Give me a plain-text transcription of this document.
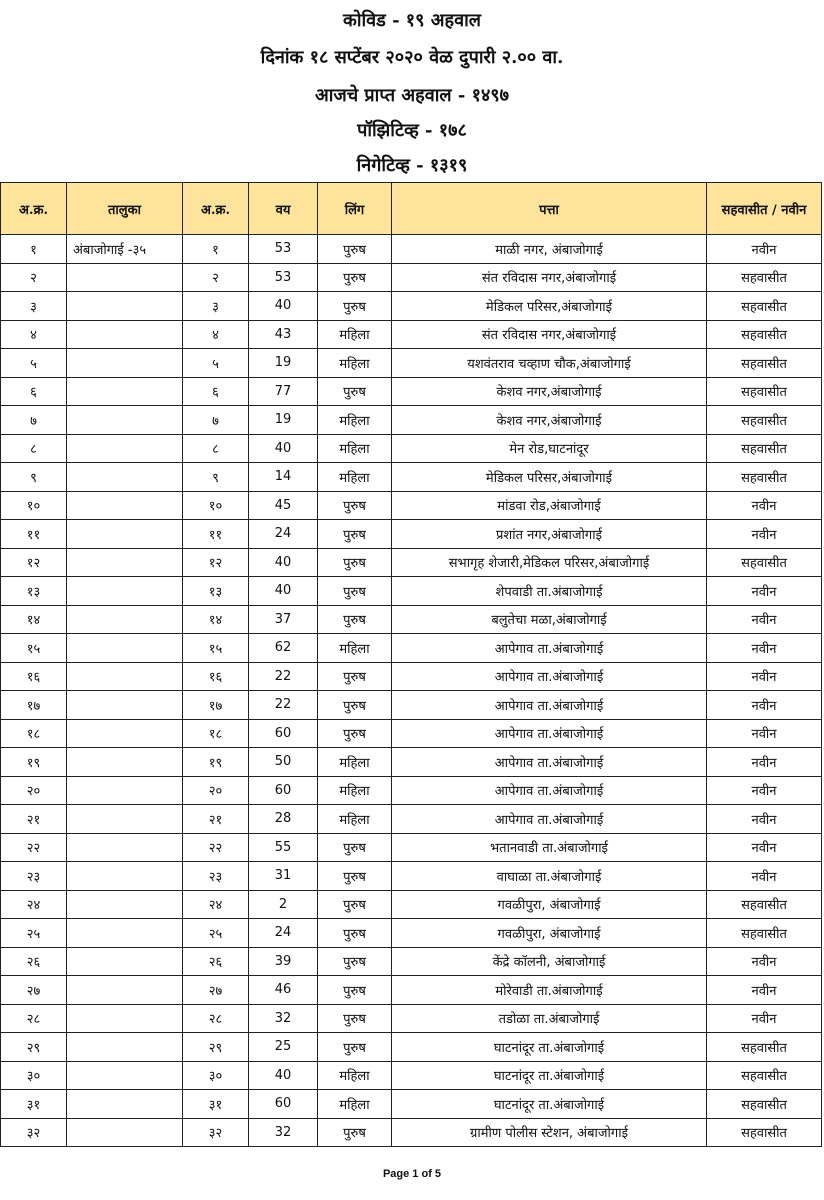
कोविड - १९ अहवाल
दिनांक १८ सप्टेंबर २०२० वेळ दुपारी २.०० वा.
आजचे प्राप्त अहवाल - १४९७
पॉझिटिव्ह - १७८
निगेटिव्ह - १३१९
अ.क्र.	तालुका	अ.क्र.	वय	लिंग	पत्ता	सहवासीत / नवीन
१	अंबाजोगाई -३५	१	53	पुरुष	माळी नगर, अंबाजोगाई	नवीन
२		२	53	पुरुष	संत रविदास नगर,अंबाजोगाई	सहवासीत
३		३	40	पुरुष	मेडिकल परिसर,अंबाजोगाई	सहवासीत
४		४	43	महिला	संत रविदास नगर,अंबाजोगाई	सहवासीत
५		५	19	महिला	यशवंतराव चव्हाण चौक,अंबाजोगाई	सहवासीत
६		६	77	पुरुष	केशव नगर,अंबाजोगाई	सहवासीत
७		७	19	महिला	केशव नगर,अंबाजोगाई	सहवासीत
८		८	40	महिला	मेन रोड,घाटनांदूर	सहवासीत
९		९	14	महिला	मेडिकल परिसर,अंबाजोगाई	सहवासीत
१०		१०	45	पुरुष	मांडवा रोड,अंबाजोगाई	नवीन
११		११	24	पुरुष	प्रशांत नगर,अंबाजोगाई	नवीन
१२		१२	40	पुरुष	सभागृह शेजारी,मेडिकल परिसर,अंबाजोगाई	सहवासीत
१३		१३	40	पुरुष	शेपवाडी ता.अंबाजोगाई	नवीन
१४		१४	37	पुरुष	बलुतेचा मळा,अंबाजोगाई	नवीन
१५		१५	62	महिला	आपेगाव ता.अंबाजोगाई	नवीन
१६		१६	22	पुरुष	आपेगाव ता.अंबाजोगाई	नवीन
१७		१७	22	पुरुष	आपेगाव ता.अंबाजोगाई	नवीन
१८		१८	60	पुरुष	आपेगाव ता.अंबाजोगाई	नवीन
१९		१९	50	महिला	आपेगाव ता.अंबाजोगाई	नवीन
२०		२०	60	महिला	आपेगाव ता.अंबाजोगाई	नवीन
२१		२१	28	महिला	आपेगाव ता.अंबाजोगाई	नवीन
२२		२२	55	पुरुष	भतानवाडी ता.अंबाजोगाई	नवीन
२३		२३	31	पुरुष	वाघाळा ता.अंबाजोगाई	नवीन
२४		२४	2	पुरुष	गवळीपुरा, अंबाजोगाई	सहवासीत
२५		२५	24	पुरुष	गवळीपुरा, अंबाजोगाई	सहवासीत
२६		२६	39	पुरुष	केंद्रे कॉलनी, अंबाजोगाई	नवीन
२७		२७	46	पुरुष	मोरेवाडी ता.अंबाजोगाई	नवीन
२८		२८	32	पुरुष	तडोळा ता.अंबाजोगाई	नवीन
२९		२९	25	पुरुष	घाटनांदूर ता.अंबाजोगाई	सहवासीत
३०		३०	40	महिला	घाटनांदूर ता.अंबाजोगाई	सहवासीत
३१		३१	60	महिला	घाटनांदूर ता.अंबाजोगाई	सहवासीत
३२		३२	32	पुरुष	ग्रामीण पोलीस स्टेशन, अंबाजोगाई	सहवासीत
Page 1 of 5
